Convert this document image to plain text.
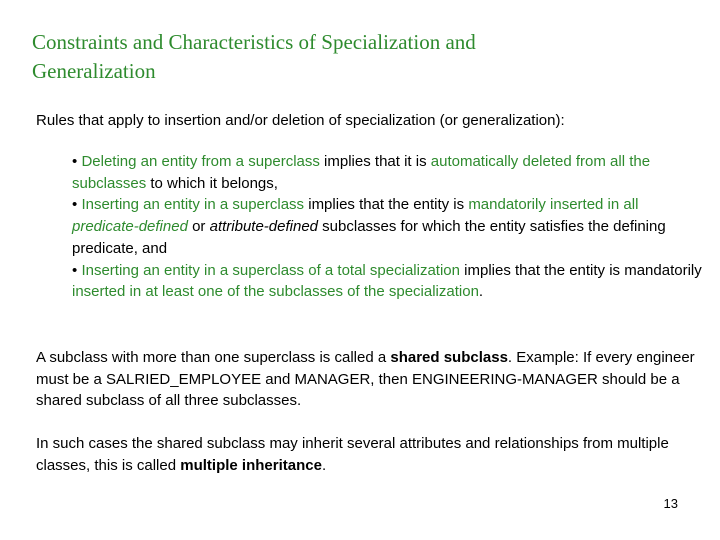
Constraints and Characteristics of Specialization and
Generalization
Rules that apply to insertion and/or deletion of specialization (or generalization):

• Deleting an entity from a superclass implies that it is automatically deleted from all the subclasses to which it belongs,

• Inserting an entity in a superclass implies that the entity is mandatorily inserted in all predicate-defined or attribute-defined subclasses for which the entity satisfies the defining predicate, and

• Inserting an entity in a superclass of a total specialization implies that the entity is mandatorily inserted in at least one of the subclasses of the specialization.

A subclass with more than one superclass is called a shared subclass. Example: If every engineer must be a SALRIED_EMPLOYEE and MANAGER, then ENGINEERING-MANAGER should be a shared subclass of all three subclasses.

In such cases the shared subclass may inherit several attributes and relationships from multiple classes, this is called multiple inheritance.

13
